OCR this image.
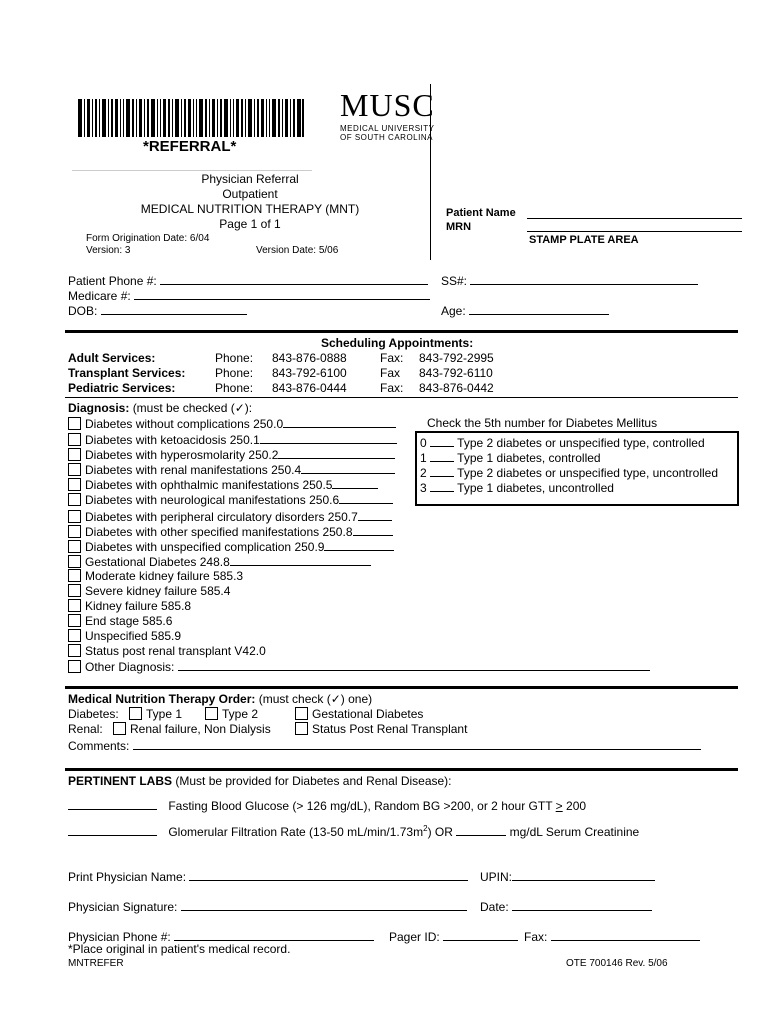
*REFERRAL*
Physician Referral
Outpatient
MEDICAL NUTRITION THERAPY (MNT)
Page 1 of 1
Form Origination Date: 6/04
Version: 3	Version Date: 5/06
MUSC
MEDICAL UNIVERSITY
OF SOUTH CAROLINA
Patient Name
MRN
STAMP PLATE AREA
Patient Phone #:	SS#:
Medicare #:
DOB:	Age:
Scheduling Appointments:
Adult Services:	Phone: 843-876-0888	Fax: 843-792-2995
Transplant Services: Phone: 843-792-6100	Fax 843-792-6110
Pediatric Services:	Phone: 843-876-0444	Fax: 843-876-0442
Diagnosis: (must be checked (✓):
Diabetes without complications 250.0
Diabetes with ketoacidosis 250.1
Diabetes with hyperosmolarity 250.2
Diabetes with renal manifestations 250.4
Diabetes with ophthalmic manifestations 250.5
Diabetes with neurological manifestations 250.6
Diabetes with peripheral circulatory disorders 250.7
Diabetes with other specified manifestations 250.8
Diabetes with unspecified complication 250.9
Gestational Diabetes 248.8
Moderate kidney failure 585.3
Severe kidney failure 585.4
Kidney failure 585.8
End stage 585.6
Unspecified 585.9
Status post renal transplant V42.0
Other Diagnosis:
Check the 5th number for Diabetes Mellitus
0	Type 2 diabetes or unspecified type, controlled
1	Type 1 diabetes, controlled
2	Type 2 diabetes or unspecified type, uncontrolled
3	Type 1 diabetes, uncontrolled
Medical Nutrition Therapy Order: (must check (✓) one)
Diabetes:	Type 1	Type 2	Gestational Diabetes
Renal:	Renal failure, Non Dialysis	Status Post Renal Transplant
Comments:
PERTINENT LABS (Must be provided for Diabetes and Renal Disease):
Fasting Blood Glucose (> 126 mg/dL), Random BG >200, or 2 hour GTT ≥ 200
Glomerular Filtration Rate (13-50 $mL/\min/1.73m^2$) OR	mg/dL Serum Creatinine
Print Physician Name:	UPIN:
Physician Signature:	Date:
Physician Phone #:	Pager ID:	Fax:
*Place original in patient's medical record.
MNTREFER	OTE 700146 Rev. 5/06
